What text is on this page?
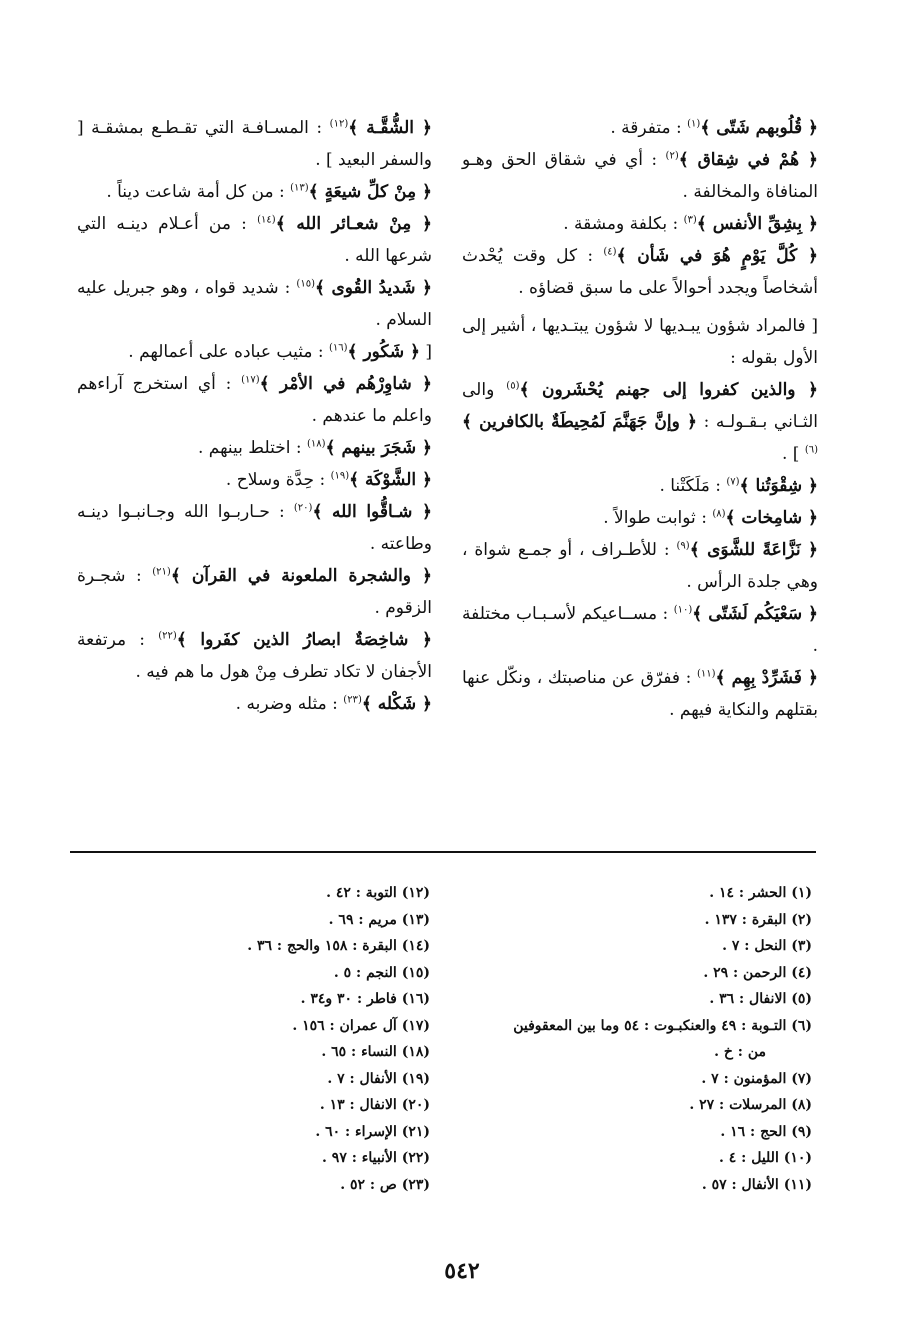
﴿ قُلُوبهم شَتّى ﴾$^{(١)}$ : متفرقة .
﴿ هُمْ في شِقاق ﴾$^{(٢)}$ : أي في شقاق الحق وهـو المنافاة والمخالفة .
﴿ بِشِقِّ الأنفس ﴾$^{(٣)}$ : بكلفة ومشقة .
﴿ كُلَّ يَوْمٍ هُوَ في شَأن ﴾$^{(٤)}$ : كل وقت يُحْدث أشخاصاً ويجدد أحوالاً على ما سبق قضاؤه .
[ فالمراد شؤون يبـديها لا شؤون يبتـديها ، أشير إلى الأول بقوله :
﴿ والذين كفروا إلى جهنم يُحْشَرون ﴾$^{(٥)}$ والى الثـاني بـقـولـه : ﴿ وإنَّ جَهَنَّمَ لَمُحِيطَةٌ بالكافرين ﴾$^{(٦)}$ ] .
﴿ شِقْوَتُنا ﴾$^{(٧)}$ : مَلَكَتْنا .
﴿ شامِخات ﴾$^{(٨)}$ : ثوابت طوالاً .
﴿ نَزَّاعَةً للشَّوَى ﴾$^{(٩)}$ : للأطـراف ، أو جمـع شواة ، وهي جلدة الرأس .
﴿ سَعْيَكُم لَشَتّى ﴾$^{(١٠)}$ : مســاعيكم لأسـبـاب مختلفة .
﴿ فَشَرِّدْ بِهِم ﴾$^{(١١)}$ : ففرّق عن مناصبتك ، ونكّل عنها بقتلهم والنكاية فيهم .
﴿ الشُّقَّـة ﴾$^{(١٢)}$ : المسـافـة التي تقـطـع بمشقـة [ والسفر البعيد ] .
﴿ مِنْ كلِّ شيعَةٍ ﴾$^{(١٣)}$ : من كل أمة شاعت ديناً .
﴿ مِنْ شعـائر الله ﴾$^{(١٤)}$ : من أعـلام دينـه التي شرعها الله .
﴿ شَديدُ القُوى ﴾$^{(١٥)}$ : شديد قواه ، وهو جبريل عليه السلام .
[ ﴿ شَكُور ﴾$^{(١٦)}$ : مثيب عباده على أعمالهم .
﴿ شاوِرْهُم في الأمْر ﴾$^{(١٧)}$ : أي استخرج آراءهم واعلم ما عندهم .
﴿ شَجَرَ بينهم ﴾$^{(١٨)}$ : اختلط بينهم .
﴿ الشَّوْكَة ﴾$^{(١٩)}$ : حِدَّة وسلاح .
﴿ شـاقُّوا الله ﴾$^{(٢٠)}$ : حـاربـوا الله وجـانبـوا دينـه وطاعته .
﴿ والشجرة الملعونة في القرآن ﴾$^{(٢١)}$ : شجـرة الزقوم .
﴿ شاخِصَةٌ ابصارُ الذين كفَروا ﴾$^{(٢٢)}$ : مرتفعة الأجفان لا تكاد تطرف مِنْ هول ما هم فيه .
﴿ شَكْله ﴾$^{(٢٣)}$ : مثله وضربه .
(١) الحشر : ١٤ .
(٢) البقرة : ١٣٧ .
(٣) النحل : ٧ .
(٤) الرحمن : ٢٩ .
(٥) الانفال : ٣٦ .
(٦) التـوبة : ٤٩ والعنكبـوت : ٥٤ وما بين المعقوفين
من : خ .
(٧) المؤمنون : ٧ .
(٨) المرسلات : ٢٧ .
(٩) الحج : ١٦ .
(١٠) الليل : ٤ .
(١١) الأنفال : ٥٧ .
(١٢) التوبة : ٤٢ .
(١٣) مريم : ٦٩ .
(١٤) البقرة : ١٥٨ والحج : ٣٦ .
(١٥) النجم : ٥ .
(١٦) فاطر : ٣٠ و٣٤ .
(١٧) آل عمران : ١٥٦ .
(١٨) النساء : ٦٥ .
(١٩) الأنفال : ٧ .
(٢٠) الانفال : ١٣ .
(٢١) الإسراء : ٦٠ .
(٢٢) الأنبياء : ٩٧ .
(٢٣) ص : ٥٢ .
٥٤٢
